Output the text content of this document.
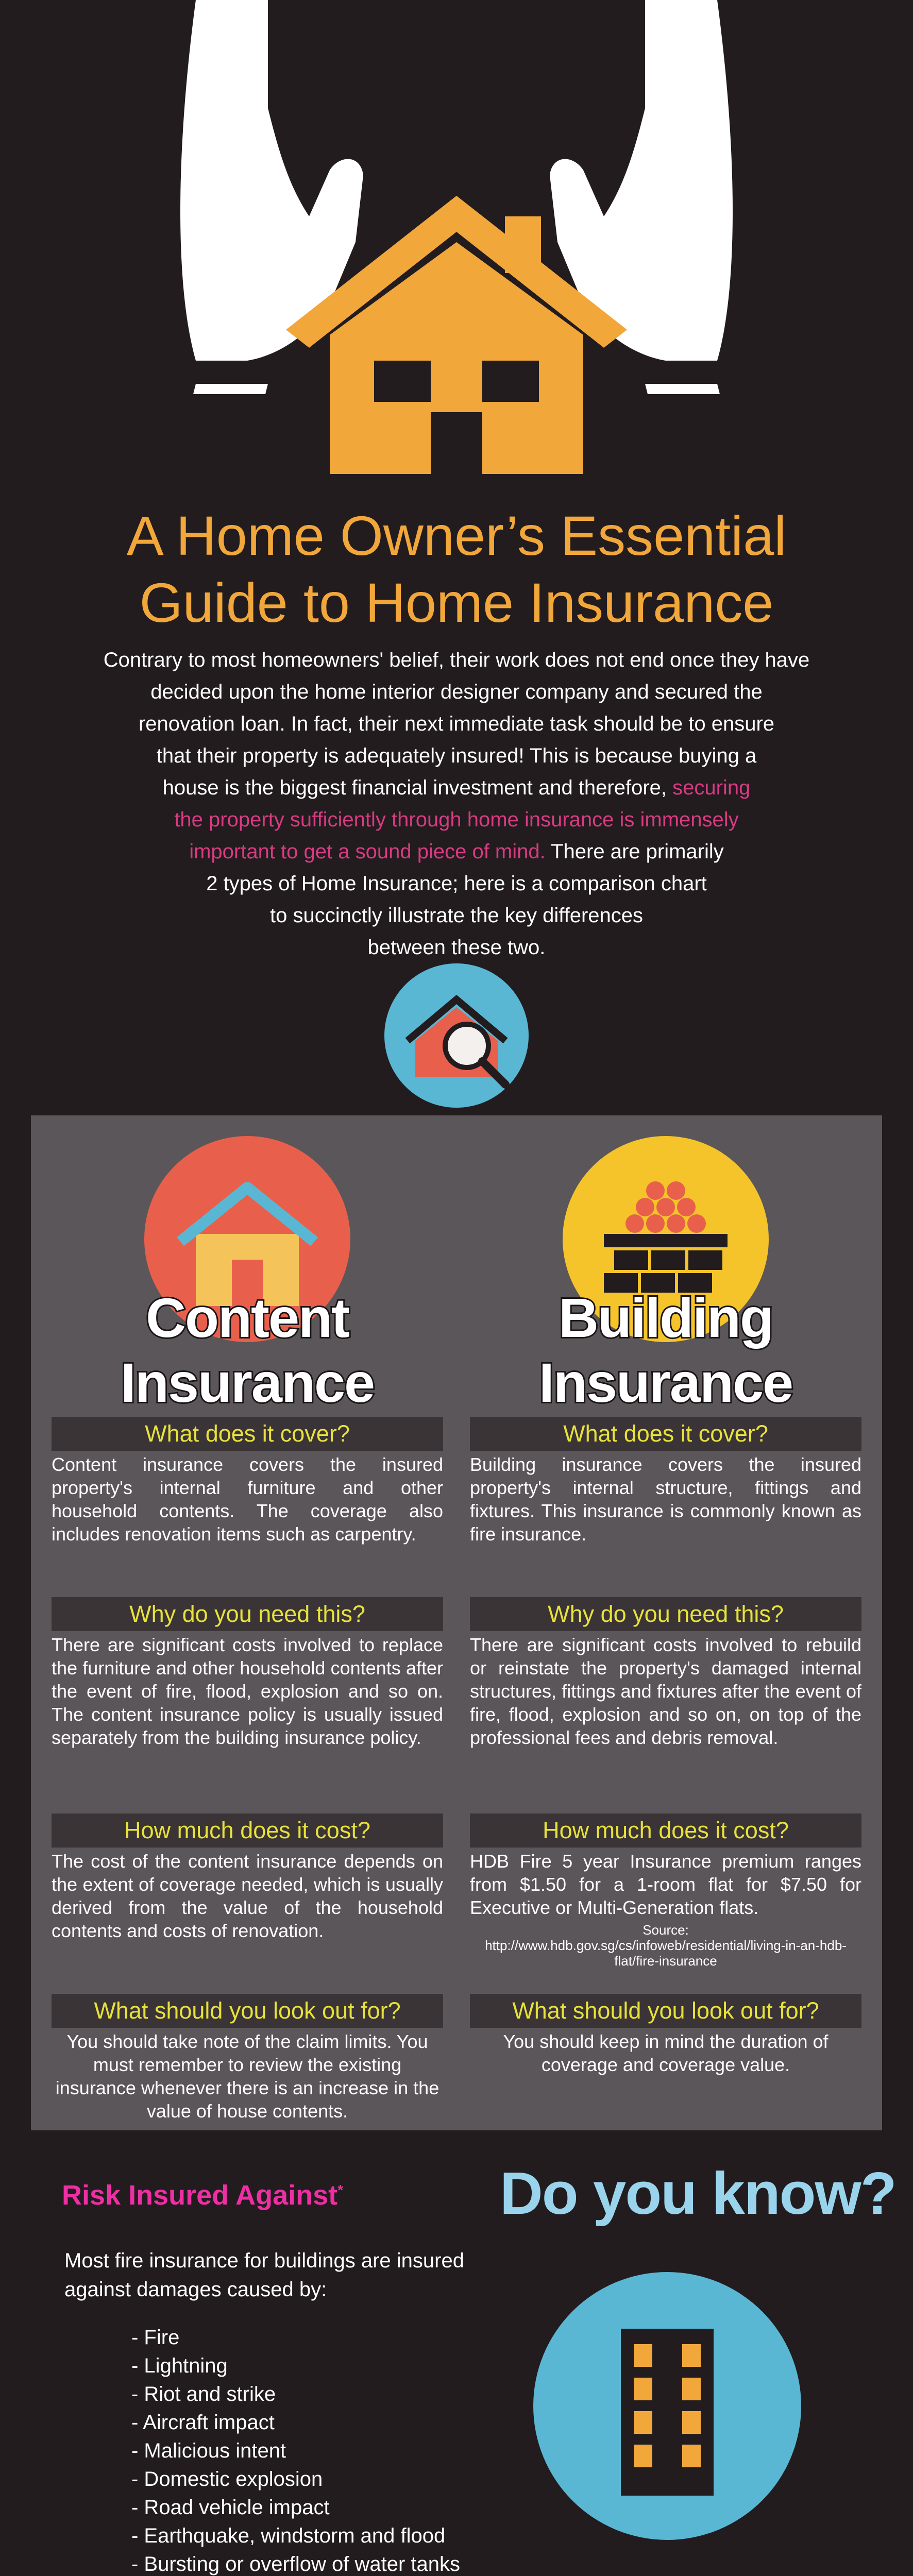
A Home Owner’s Essential
Guide to Home Insurance
Contrary to most homeowners' belief, their work does not end once they have
decided upon the home interior designer company and secured the
renovation loan. In fact, their next immediate task should be to ensure
that their property is adequately insured! This is because buying a
house is the biggest financial investment and therefore, securing
the property sufficiently through home insurance is immensely
important to get a sound piece of mind. There are primarily
2 types of Home Insurance; here is a comparison chart
to succinctly illustrate the key differences
between these two.
Content
Insurance
What does it cover?
Content insurance covers the insured property's internal furniture and other household contents. The coverage also includes renovation items such as carpentry.
Why do you need this?
There are significant costs involved to replace the furniture and other household contents after the event of fire, flood, explosion and so on. The content insurance policy is usually issued separately from the building insurance policy.
How much does it cost?
The cost of the content insurance depends on the extent of coverage needed, which is usually derived from the value of the household contents and costs of renovation.
What should you look out for?
You should take note of the claim limits. You must remember to review the existing insurance whenever there is an increase in the value of house contents.
Building
Insurance
What does it cover?
Building insurance covers the insured property's internal structure, fittings and fixtures. This insurance is commonly known as fire insurance.
Why do you need this?
There are significant costs involved to rebuild or reinstate the property's damaged internal structures, fittings and fixtures after the event of fire, flood, explosion and so on, on top of the professional fees and debris removal.
How much does it cost?
HDB Fire 5 year Insurance premium ranges from $1.50 for a 1-room flat for $7.50 for Executive or Multi-Generation flats.
Source:
http://www.hdb.gov.sg/cs/infoweb/residential/living-in-an-hdb-flat/fire-insurance
What should you look out for?
You should keep in mind the duration of coverage and coverage value.
Risk Insured Against*	Do you know?
Most fire insurance for buildings are insured against damages caused by:
- Fire
- Lightning
- Riot and strike
- Aircraft impact
- Malicious intent
- Domestic explosion
- Road vehicle impact
- Earthquake, windstorm and flood
- Bursting or overflow of water tanks
